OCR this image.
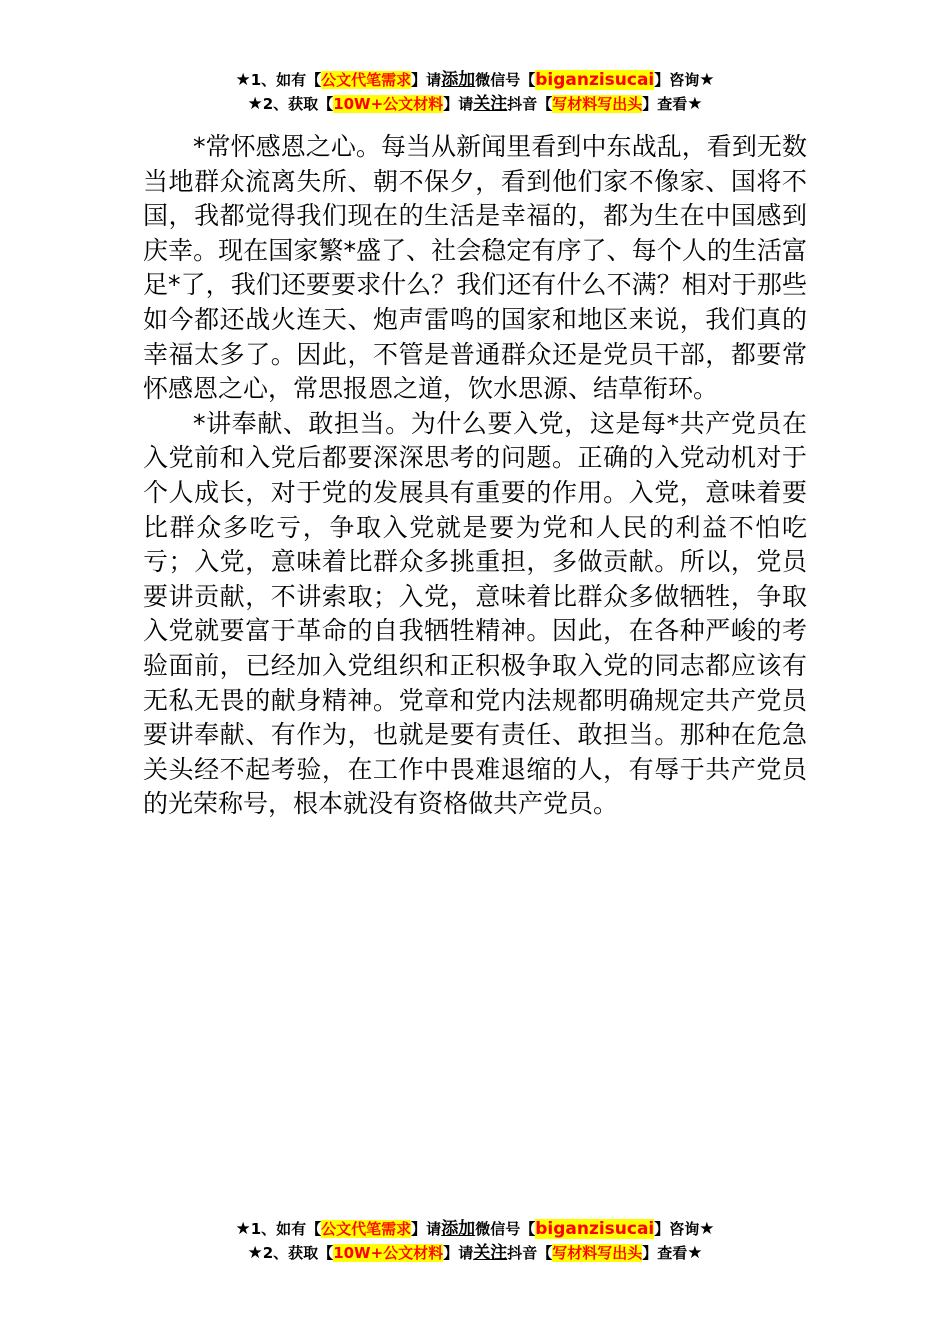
★1、如有【公文代笔需求】请添加微信号【biganzisucai】咨询★
★2、获取【10W+公文材料】请关注抖音【写材料写出头】查看★

*常怀感恩之心。每当从新闻里看到中东战乱，看到无数当地群众流离失所、朝不保夕，看到他们家不像家、国将不国，我都觉得我们现在的生活是幸福的，都为生在中国感到庆幸。现在国家繁*盛了、社会稳定有序了、每个人的生活富足*了，我们还要要求什么？我们还有什么不满？相对于那些如今都还战火连天、炮声雷鸣的国家和地区来说，我们真的幸福太多了。因此，不管是普通群众还是党员干部，都要常怀感恩之心，常思报恩之道，饮水思源、结草衔环。

*讲奉献、敢担当。为什么要入党，这是每*共产党员在入党前和入党后都要深深思考的问题。正确的入党动机对于个人成长，对于党的发展具有重要的作用。入党，意味着要比群众多吃亏，争取入党就是要为党和人民的利益不怕吃亏；入党，意味着比群众多挑重担，多做贡献。所以，党员要讲贡献，不讲索取；入党，意味着比群众多做牺牲，争取入党就要富于革命的自我牺牲精神。因此，在各种严峻的考验面前，已经加入党组织和正积极争取入党的同志都应该有无私无畏的献身精神。党章和党内法规都明确规定共产党员要讲奉献、有作为，也就是要有责任、敢担当。那种在危急关头经不起考验，在工作中畏难退缩的人，有辱于共产党员的光荣称号，根本就没有资格做共产党员。

★1、如有【公文代笔需求】请添加微信号【biganzisucai】咨询★
★2、获取【10W+公文材料】请关注抖音【写材料写出头】查看★
